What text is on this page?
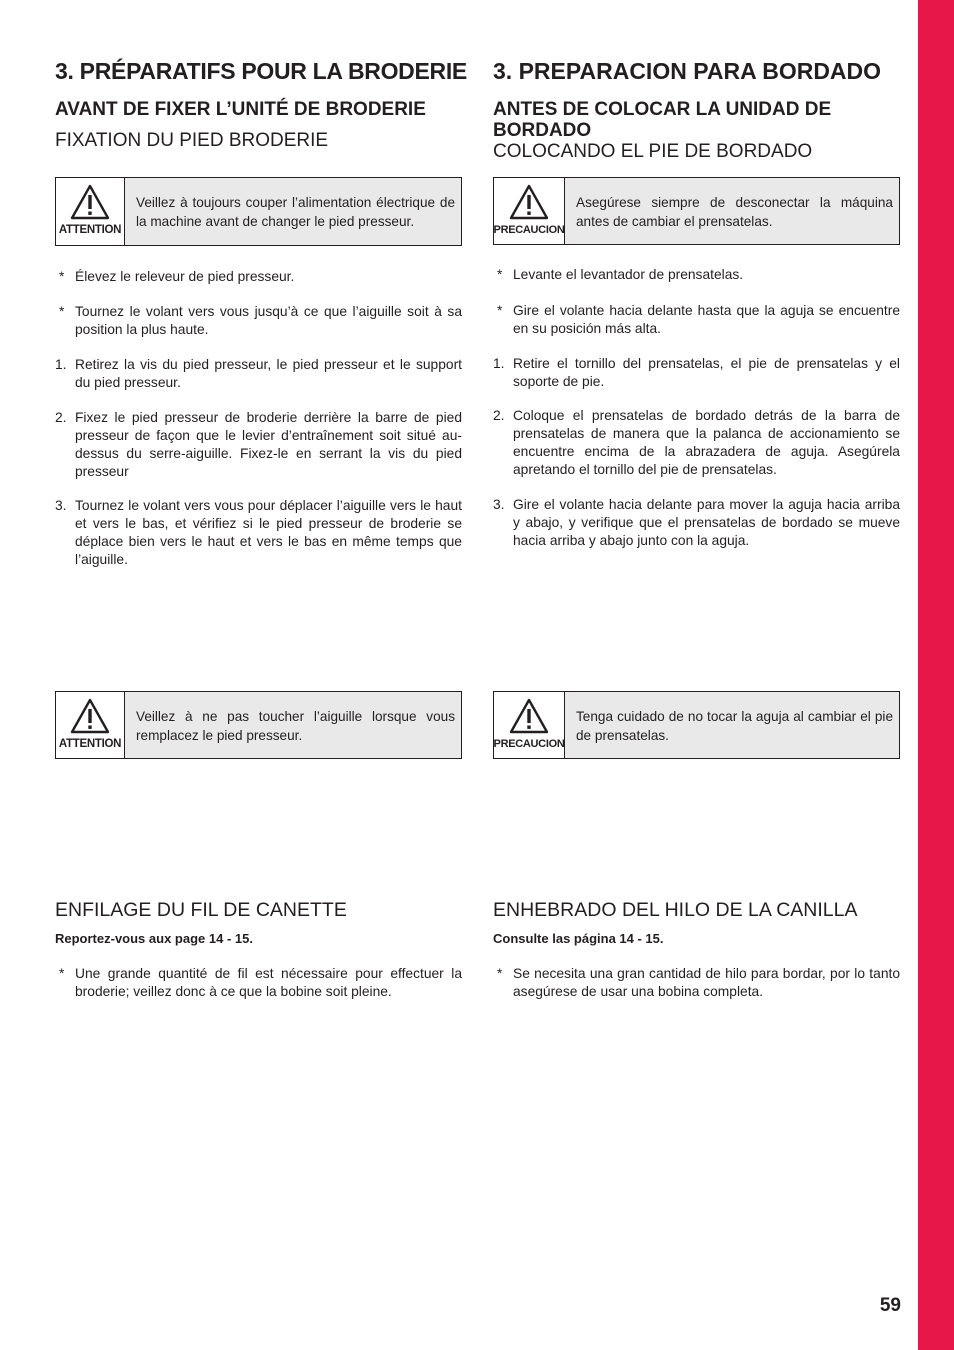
3. PRÉPARATIFS POUR LA BRODERIE
AVANT DE FIXER L’UNITÉ DE BRODERIE
FIXATION DU PIED BRODERIE
ATTENTION
Veillez à toujours couper l’alimentation électrique de la machine avant de changer le pied presseur.
* Élevez le releveur de pied presseur.
* Tournez le volant vers vous jusqu’à ce que l’aiguille soit à sa position la plus haute.
1. Retirez la vis du pied presseur, le pied presseur et le support du pied presseur.
2. Fixez le pied presseur de broderie derrière la barre de pied presseur de façon que le levier d’entraînement soit situé au-dessus du serre-aiguille. Fixez-le en serrant la vis du pied presseur
3. Tournez le volant vers vous pour déplacer l’aiguille vers le haut et vers le bas, et vérifiez si le pied presseur de broderie se déplace bien vers le haut et vers le bas en même temps que l’aiguille.
ATTENTION
Veillez à ne pas toucher l’aiguille lorsque vous remplacez le pied presseur.
ENFILAGE DU FIL DE CANETTE
Reportez-vous aux page 14 - 15.
* Une grande quantité de fil est nécessaire pour effectuer la broderie; veillez donc à ce que la bobine soit pleine.
3. PREPARACION PARA BORDADO
ANTES DE COLOCAR LA UNIDAD DE BORDADO
COLOCANDO EL PIE DE BORDADO
PRECAUCION
Asegúrese siempre de desconectar la máquina antes de cambiar el prensatelas.
* Levante el levantador de prensatelas.
* Gire el volante hacia delante hasta que la aguja se encuentre en su posición más alta.
1. Retire el tornillo del prensatelas, el pie de prensatelas y el soporte de pie.
2. Coloque el prensatelas de bordado detrás de la barra de prensatelas de manera que la palanca de accionamiento se encuentre encima de la abrazadera de aguja. Asegúrela apretando el tornillo del pie de prensatelas.
3. Gire el volante hacia delante para mover la aguja hacia arriba y abajo, y verifique que el prensatelas de bordado se mueve hacia arriba y abajo junto con la aguja.
PRECAUCION
Tenga cuidado de no tocar la aguja al cambiar el pie de prensatelas.
ENHEBRADO DEL HILO DE LA CANILLA
Consulte las página 14 - 15.
* Se necesita una gran cantidad de hilo para bordar, por lo tanto asegúrese de usar una bobina completa.
59
